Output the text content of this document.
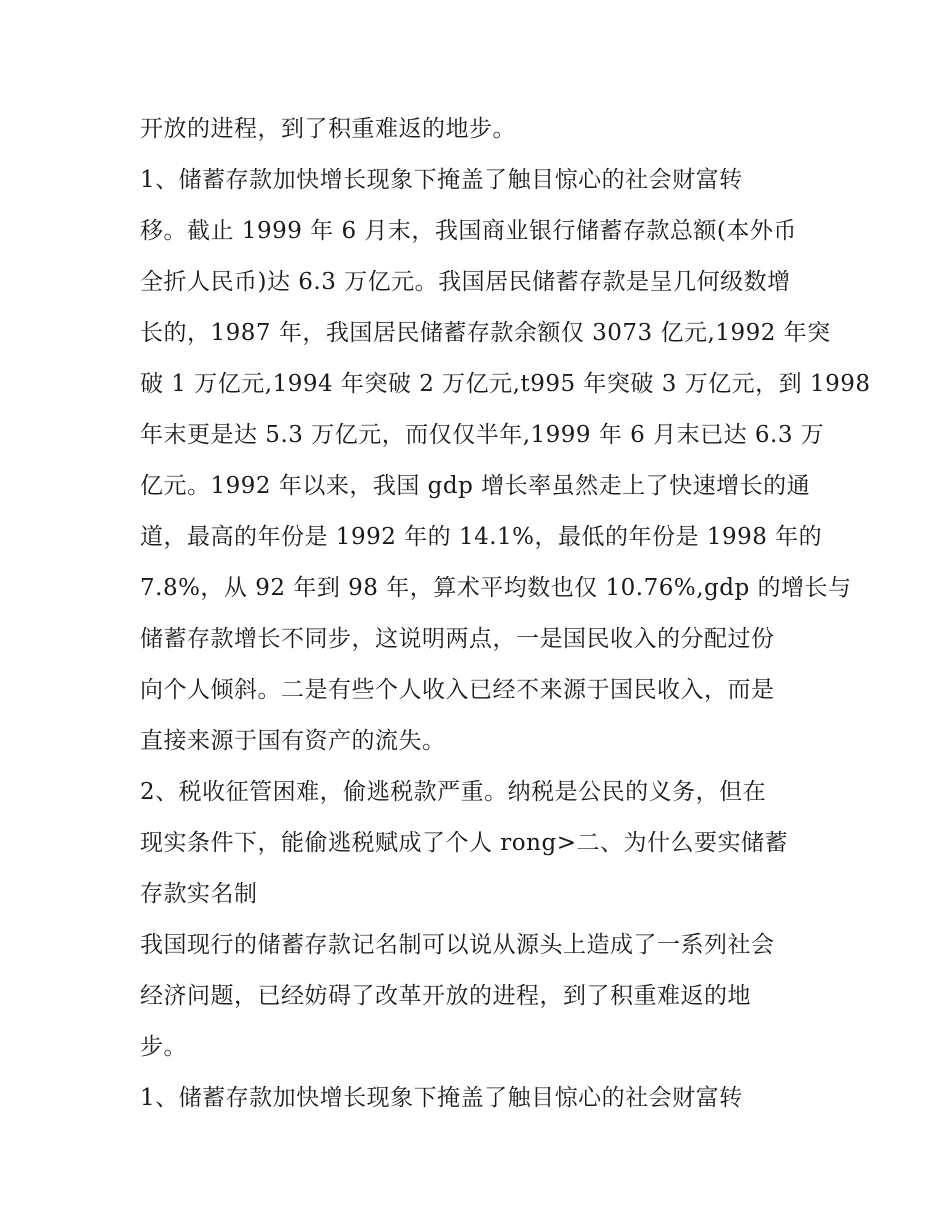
开放的进程，到了积重难返的地步。
1、储蓄存款加快增长现象下掩盖了触目惊心的社会财富转
移。截止 1999 年 6 月末，我国商业银行储蓄存款总额(本外币
全折人民币)达 6.3 万亿元。我国居民储蓄存款是呈几何级数增
长的，1987 年，我国居民储蓄存款余额仅 3073 亿元,1992 年突
破 1 万亿元,1994 年突破 2 万亿元,t995 年突破 3 万亿元，到 1998
年末更是达 5.3 万亿元，而仅仅半年,1999 年 6 月末已达 6.3 万
亿元。1992 年以来，我国 gdp 增长率虽然走上了快速增长的通
道，最高的年份是 1992 年的 14.1%，最低的年份是 1998 年的
7.8%，从 92 年到 98 年，算术平均数也仅 10.76%,gdp 的增长与
储蓄存款增长不同步，这说明两点，一是国民收入的分配过份
向个人倾斜。二是有些个人收入已经不来源于国民收入，而是
直接来源于国有资产的流失。
2、税收征管困难，偷逃税款严重。纳税是公民的义务，但在
现实条件下，能偷逃税赋成了个人 rong>二、为什么要实储蓄
存款实名制
我国现行的储蓄存款记名制可以说从源头上造成了一系列社会
经济问题，已经妨碍了改革开放的进程，到了积重难返的地
步。
1、储蓄存款加快增长现象下掩盖了触目惊心的社会财富转
